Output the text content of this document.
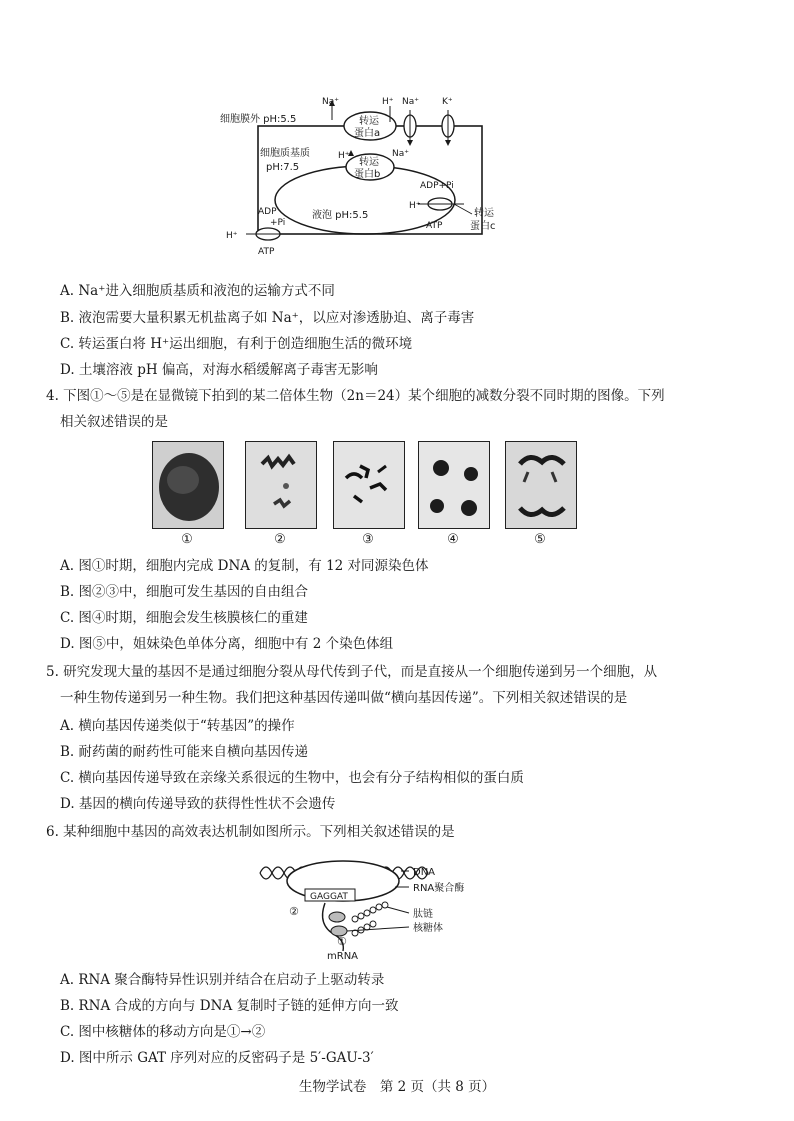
细胞膜外 pH:5.5
细胞质基质
pH:7.5
液泡 pH:5.5
转运
蛋白a
转运
蛋白b
转运
蛋白c
Na⁺	H⁺ Na⁺	K⁺
H⁺	Na⁺
ADP+Pi
H⁺
ATP
ADP
+Pi
H⁺
ATP
A. Na⁺进入细胞质基质和液泡的运输方式不同
B. 液泡需要大量积累无机盐离子如 Na⁺，以应对渗透胁迫、离子毒害
C. 转运蛋白将 H⁺运出细胞，有利于创造细胞生活的微环境
D. 土壤溶液 pH 偏高，对海水稻缓解离子毒害无影响
4. 下图①～⑤是在显微镜下拍到的某二倍体生物（2n＝24）某个细胞的减数分裂不同时期的图像。下列
相关叙述错误的是
①	②	③	④	⑤
A. 图①时期，细胞内完成 DNA 的复制，有 12 对同源染色体
B. 图②③中，细胞可发生基因的自由组合
C. 图④时期，细胞会发生核膜核仁的重建
D. 图⑤中，姐妹染色单体分离，细胞中有 2 个染色体组
5. 研究发现大量的基因不是通过细胞分裂从母代传到子代，而是直接从一个细胞传递到另一个细胞，从
一种生物传递到另一种生物。我们把这种基因传递叫做“横向基因传递”。下列相关叙述错误的是
A. 横向基因传递类似于“转基因”的操作
B. 耐药菌的耐药性可能来自横向基因传递
C. 横向基因传递导致在亲缘关系很远的生物中，也会有分子结构相似的蛋白质
D. 基因的横向传递导致的获得性性状不会遗传
6. 某种细胞中基因的高效表达机制如图所示。下列相关叙述错误的是
GAGGAT
DNA
RNA聚合酶
肽链
核糖体
②
①
mRNA
A. RNA 聚合酶特异性识别并结合在启动子上驱动转录
B. RNA 合成的方向与 DNA 复制时子链的延伸方向一致
C. 图中核糖体的移动方向是①→②
D. 图中所示 GAT 序列对应的反密码子是 5′-GAU-3′
生物学试卷　第 2 页（共 8 页）
